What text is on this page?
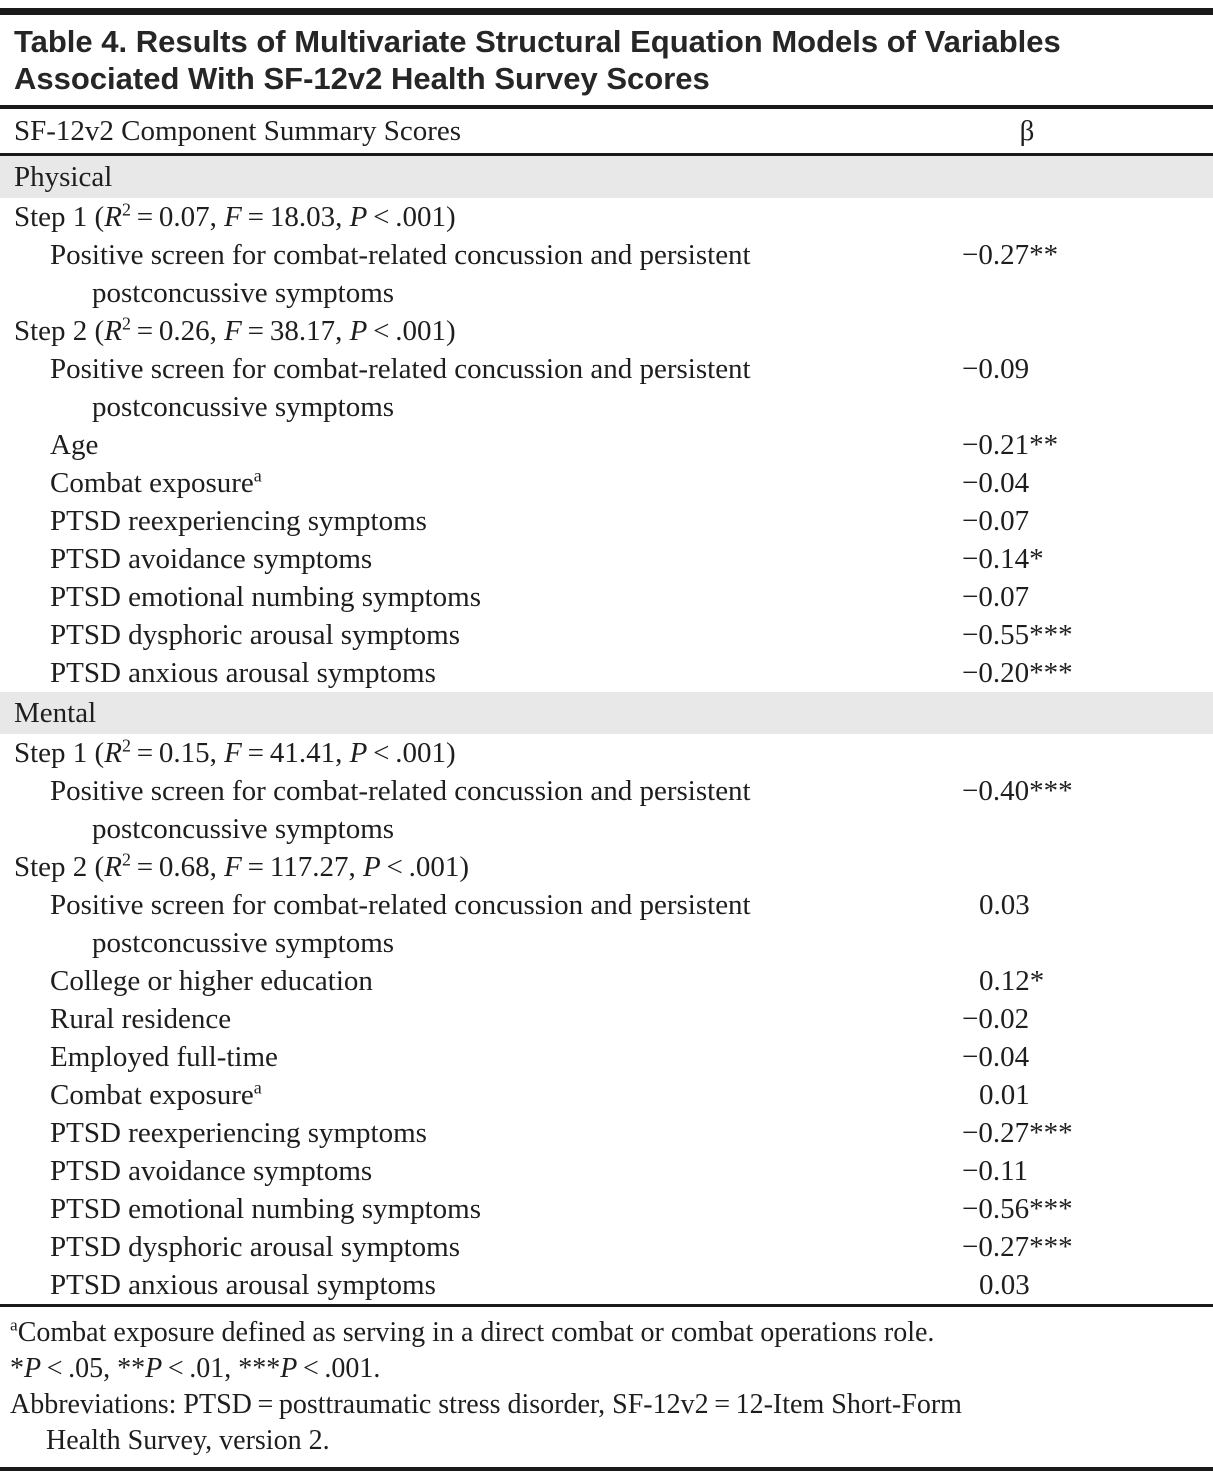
Table 4. Results of Multivariate Structural Equation Models of Variables
Associated With SF-12v2 Health Survey Scores
SF-12v2 Component Summary Scores	β
Physical
Step 1 ($R^2 = 0.07$, F = 18.03, P < .001)
Positive screen for combat-related concussion and persistent	−0.27**
postconcussive symptoms
Step 2 ($R^2 = 0.26$, F = 38.17, P < .001)
Positive screen for combat-related concussion and persistent	−0.09
postconcussive symptoms
Age	−0.21**
Combat exposure$^a$	−0.04
PTSD reexperiencing symptoms	−0.07
PTSD avoidance symptoms	−0.14*
PTSD emotional numbing symptoms	−0.07
PTSD dysphoric arousal symptoms	−0.55***
PTSD anxious arousal symptoms	−0.20***
Mental
Step 1 ($R^2 = 0.15$, F = 41.41, P < .001)
Positive screen for combat-related concussion and persistent	−0.40***
postconcussive symptoms
Step 2 ($R^2 = 0.68$, F = 117.27, P < .001)
Positive screen for combat-related concussion and persistent	0.03
postconcussive symptoms
College or higher education	0.12*
Rural residence	−0.02
Employed full-time	−0.04
Combat exposure$^a$	0.01
PTSD reexperiencing symptoms	−0.27***
PTSD avoidance symptoms	−0.11
PTSD emotional numbing symptoms	−0.56***
PTSD dysphoric arousal symptoms	−0.27***
PTSD anxious arousal symptoms	0.03
$^a$Combat exposure defined as serving in a direct combat or combat operations role.
*P < .05, **P < .01, ***P < .001.
Abbreviations: PTSD = posttraumatic stress disorder, SF-12v2 = 12-Item Short-Form
Health Survey, version 2.
